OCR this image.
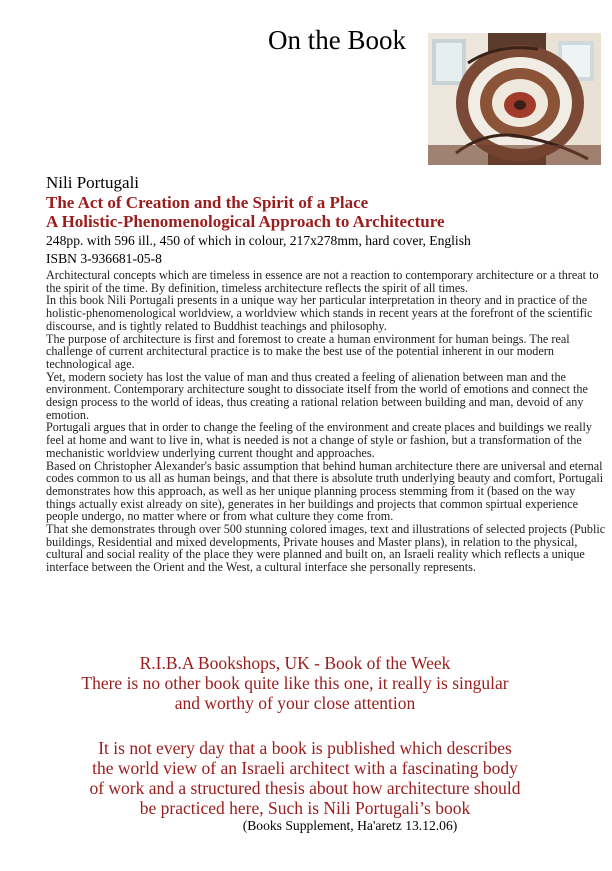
On the Book
Nili Portugali
The Act of Creation and the Spirit of a Place
A Holistic-Phenomenological Approach to Architecture
248pp. with 596 ill., 450 of which in colour, 217x278mm, hard cover, English
ISBN 3-936681-05-8

Architectural concepts which are timeless in essence are not a reaction to contemporary architecture or a threat to the spirit of the time. By definition, timeless architecture reflects the spirit of all times.

In this book Nili Portugali presents in a unique way her particular interpretation in theory and in practice of the holistic-phenomenological worldview, a worldview which stands in recent years at the forefront of the scientific discourse, and is tightly related to Buddhist teachings and philosophy.

The purpose of architecture is first and foremost to create a human environment for human beings. The real challenge of current architectural practice is to make the best use of the potential inherent in our modern technological age.

Yet, modern society has lost the value of man and thus created a feeling of alienation between man and the environment. Contemporary architecture sought to dissociate itself from the world of emotions and connect the design process to the world of ideas, thus creating a rational relation between building and man, devoid of any emotion.

Portugali argues that in order to change the feeling of the environment and create places and buildings we really feel at home and want to live in, what is needed is not a change of style or fashion, but a transformation of the mechanistic worldview underlying current thought and approaches.

Based on Christopher Alexander's basic assumption that behind human architecture there are universal and eternal codes common to us all as human beings, and that there is absolute truth underlying beauty and comfort, Portugali demonstrates how this approach, as well as her unique planning process stemming from it (based on the way things actually exist already on site), generates in her buildings and projects that common spirtual experience people undergo, no matter where or from what culture they come from.

That she demonstrates through over 500 stunning colored images, text and illustrations of selected projects (Public buildings, Residential and mixed developments, Private houses and Master plans), in relation to the physical, cultural and social reality of the place they were planned and built on, an Israeli reality which reflects a unique interface between the Orient and the West, a cultural interface she personally represents.

R.I.B.A Bookshops, UK - Book of the Week
There is no other book quite like this one, it really is singular
and worthy of your close attention
It is not every day that a book is published which describes
the world view of an Israeli architect with a fascinating body
of work and a structured thesis about how architecture should
be practiced here, Such is Nili Portugali’s book
(Books Supplement, Ha'aretz 13.12.06)
